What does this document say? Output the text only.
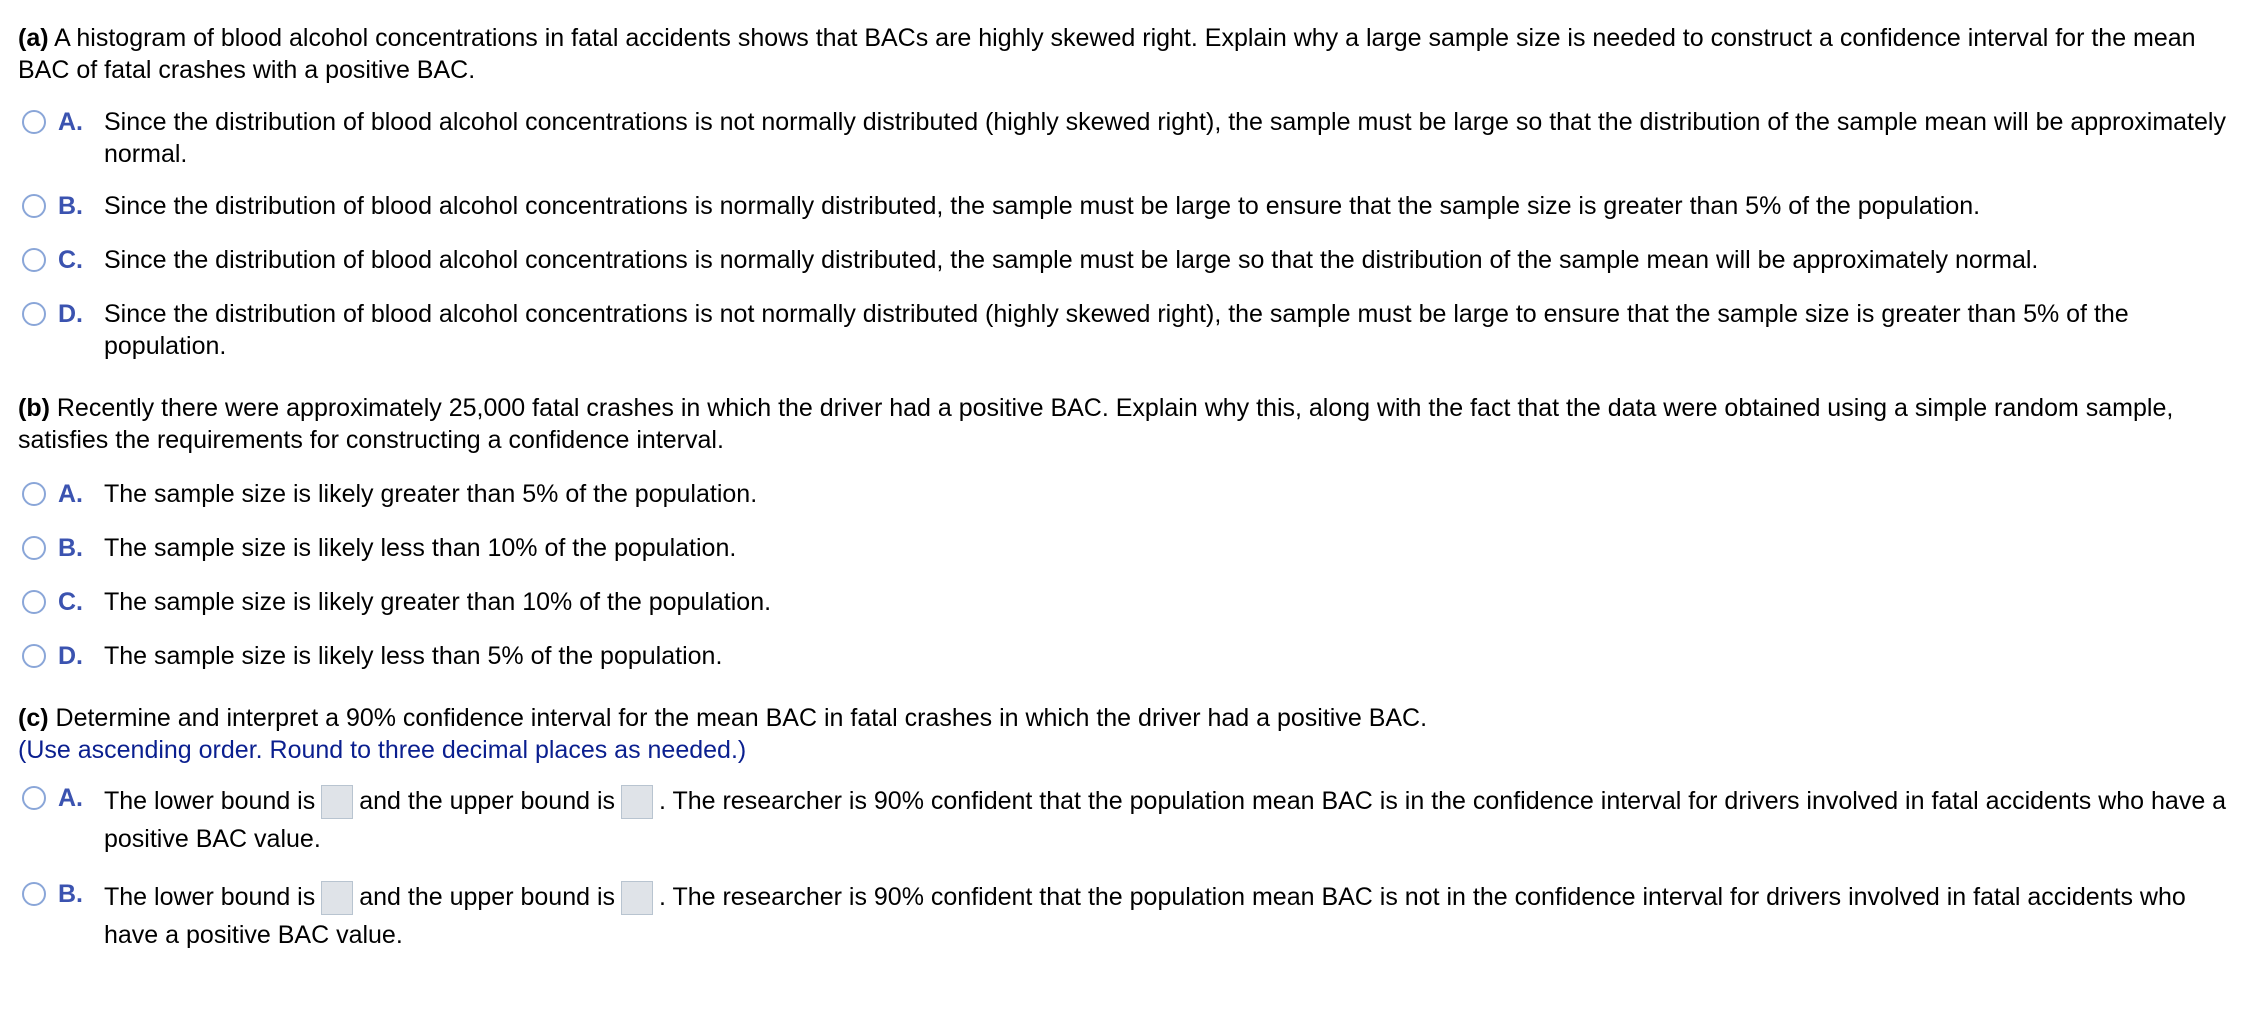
(a) A histogram of blood alcohol concentrations in fatal accidents shows that BACs are highly skewed right. Explain why a large sample size is needed to construct a confidence interval for the mean BAC of fatal crashes with a positive BAC.

A. Since the distribution of blood alcohol concentrations is not normally distributed (highly skewed right), the sample must be large so that the distribution of the sample mean will be approximately normal.
B. Since the distribution of blood alcohol concentrations is normally distributed, the sample must be large to ensure that the sample size is greater than 5% of the population.
C. Since the distribution of blood alcohol concentrations is normally distributed, the sample must be large so that the distribution of the sample mean will be approximately normal.
D. Since the distribution of blood alcohol concentrations is not normally distributed (highly skewed right), the sample must be large to ensure that the sample size is greater than 5% of the population.

(b) Recently there were approximately 25,000 fatal crashes in which the driver had a positive BAC. Explain why this, along with the fact that the data were obtained using a simple random sample, satisfies the requirements for constructing a confidence interval.

A. The sample size is likely greater than 5% of the population.
B. The sample size is likely less than 10% of the population.
C. The sample size is likely greater than 10% of the population.
D. The sample size is likely less than 5% of the population.

(c) Determine and interpret a 90% confidence interval for the mean BAC in fatal crashes in which the driver had a positive BAC.

(Use ascending order. Round to three decimal places as needed.)
A. The lower bound is and the upper bound is . The researcher is 90% confident that the population mean BAC is in the confidence interval for drivers involved in fatal accidents who have a positive BAC value.
B. The lower bound is and the upper bound is . The researcher is 90% confident that the population mean BAC is not in the confidence interval for drivers involved in fatal accidents who have a positive BAC value.
